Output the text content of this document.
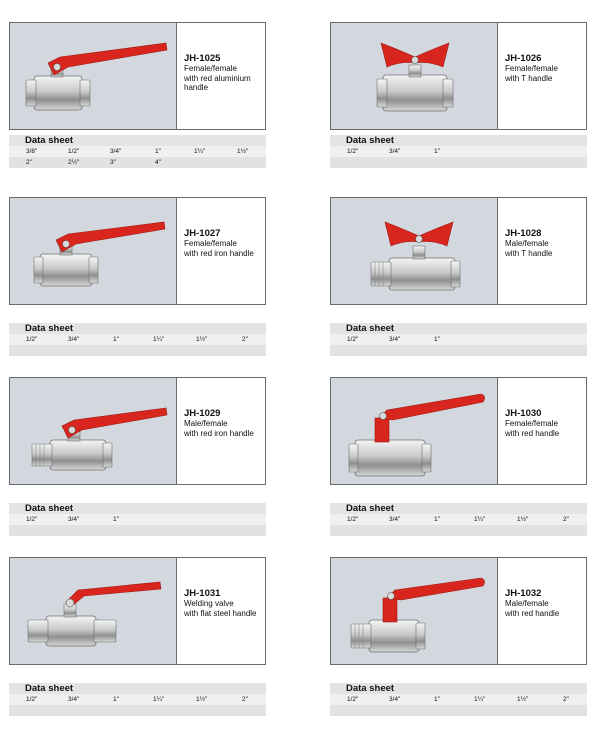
JH-1025
Female/female
with red aluminium
handle
Data sheet
3/8"	1/2"	3/4"	1"	1¼"	1½"
2"	2½"	3"	4"
JH-1026
Female/female
with T handle
Data sheet
1/2"	3/4"	1"
JH-1027
Female/female
with red iron handle
Data sheet
1/2"	3/4"	1"	1¼"	1½"	2"
JH-1028
Male/female
with T handle
Data sheet
1/2"	3/4"	1"
JH-1029
Male/female
with red iron handle
Data sheet
1/2"	3/4"	1"
JH-1030
Female/female
with red handle
Data sheet
1/2"	3/4"	1"	1¼"	1½"	2"
JH-1031
Welding valve
with flat steel handle
Data sheet
1/2"	3/4"	1"	1¼"	1½"	2"
JH-1032
Male/female
with red handle
Data sheet
1/2"	3/4"	1"	1¼"	1½"	2"
